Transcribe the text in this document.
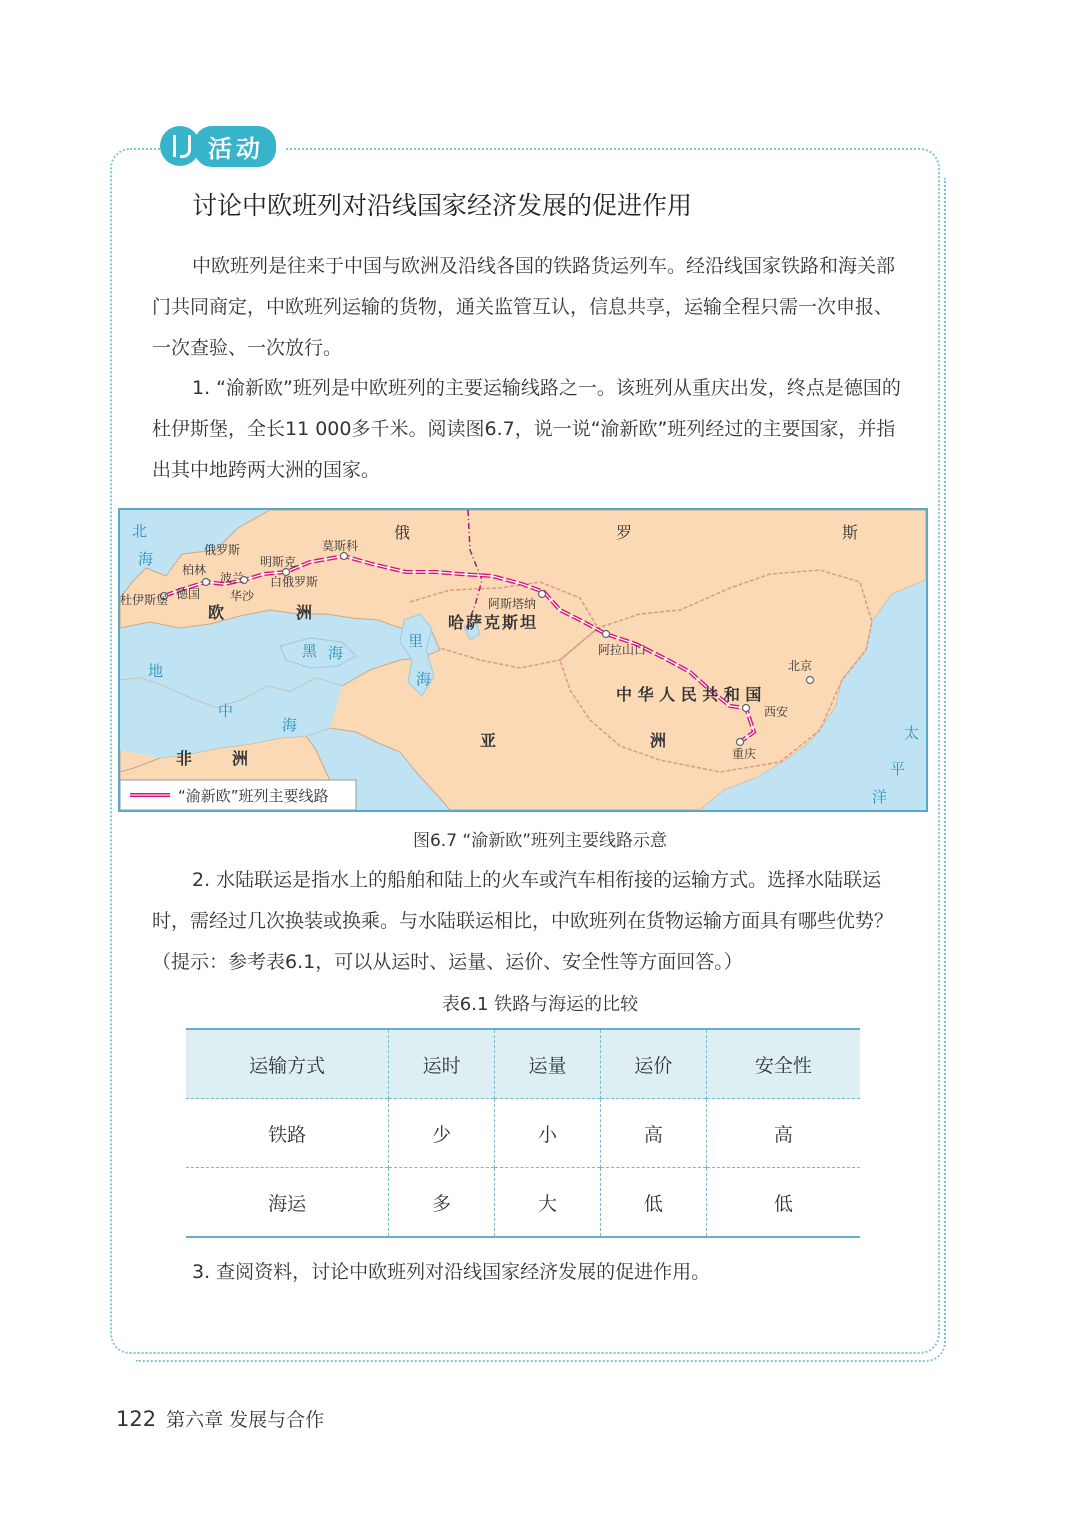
活动
讨论中欧班列对沿线国家经济发展的促进作用

中欧班列是往来于中国与欧洲及沿线各国的铁路货运列车。经沿线国家铁路和海关部门共同商定，中欧班列运输的货物，通关监管互认，信息共享，运输全程只需一次申报、一次查验、一次放行。

1. “渝新欧”班列是中欧班列的主要运输线路之一。该班列从重庆出发，终点是德国的杜伊斯堡，全长11 000多千米。阅读图6.7，说一说“渝新欧”班列经过的主要国家，并指出其中地跨两大洲的国家。

俄	罗	斯
欧	洲
哈萨克斯坦
中 华 人 民 共 和 国
亚	洲
非 洲
北
海
地
中
海
黑 海
里
海
太
平
洋
莫斯科
俄罗斯
明斯克
白俄罗斯
柏林
波兰
德国 华沙
杜伊斯堡	阿斯塔纳
阿拉山口
北京
西安
重庆
“渝新欧”班列主要线路
图6.7 “渝新欧”班列主要线路示意

2. 水陆联运是指水上的船舶和陆上的火车或汽车相衔接的运输方式。选择水陆联运时，需经过几次换装或换乘。与水陆联运相比，中欧班列在货物运输方面具有哪些优势？（提示：参考表6.1，可以从运时、运量、运价、安全性等方面回答。）

表6.1 铁路与海运的比较
运输方式	运时	运量	运价	安全性
铁路	少	小	高	高
海运	多	大	低	低

3. 查阅资料，讨论中欧班列对沿线国家经济发展的促进作用。

122 第六章 发展与合作
